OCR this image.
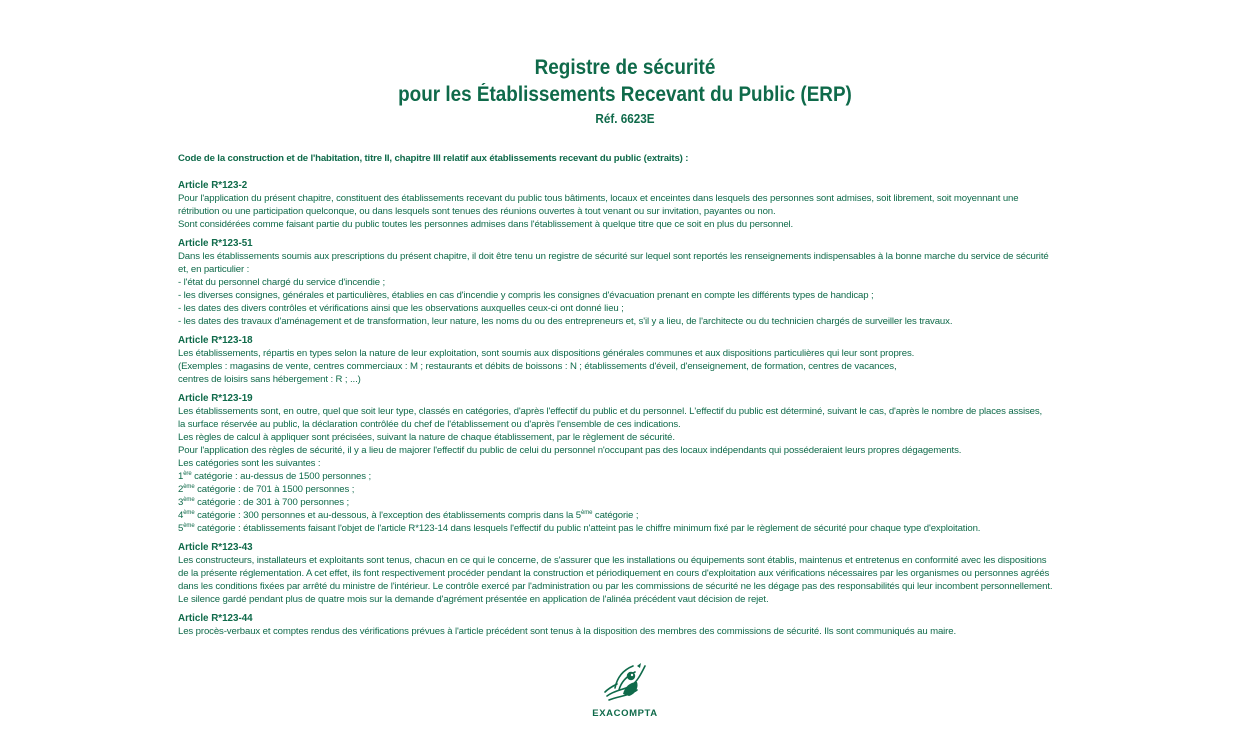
Registre de sécurité
pour les Établissements Recevant du Public (ERP)
Réf. 6623E
Code de la construction et de l'habitation, titre II, chapitre III relatif aux établissements recevant du public (extraits) :
Article R*123-2
Pour l'application du présent chapitre, constituent des établissements recevant du public tous bâtiments, locaux et enceintes dans lesquels des personnes sont admises, soit librement, soit moyennant une
rétribution ou une participation quelconque, ou dans lesquels sont tenues des réunions ouvertes à tout venant ou sur invitation, payantes ou non.
Sont considérées comme faisant partie du public toutes les personnes admises dans l'établissement à quelque titre que ce soit en plus du personnel.
Article R*123-51
Dans les établissements soumis aux prescriptions du présent chapitre, il doit être tenu un registre de sécurité sur lequel sont reportés les renseignements indispensables à la bonne marche du service de sécurité
et, en particulier :
- l'état du personnel chargé du service d'incendie ;
- les diverses consignes, générales et particulières, établies en cas d'incendie y compris les consignes d'évacuation prenant en compte les différents types de handicap ;
- les dates des divers contrôles et vérifications ainsi que les observations auxquelles ceux-ci ont donné lieu ;
- les dates des travaux d'aménagement et de transformation, leur nature, les noms du ou des entrepreneurs et, s'il y a lieu, de l'architecte ou du technicien chargés de surveiller les travaux.
Article R*123-18
Les établissements, répartis en types selon la nature de leur exploitation, sont soumis aux dispositions générales communes et aux dispositions particulières qui leur sont propres.
(Exemples : magasins de vente, centres commerciaux : M ; restaurants et débits de boissons : N ; établissements d'éveil, d'enseignement, de formation, centres de vacances,
centres de loisirs sans hébergement : R ; ...)
Article R*123-19
Les établissements sont, en outre, quel que soit leur type, classés en catégories, d'après l'effectif du public et du personnel. L'effectif du public est déterminé, suivant le cas, d'après le nombre de places assises,
la surface réservée au public, la déclaration contrôlée du chef de l'établissement ou d'après l'ensemble de ces indications.
Les règles de calcul à appliquer sont précisées, suivant la nature de chaque établissement, par le règlement de sécurité.
Pour l'application des règles de sécurité, il y a lieu de majorer l'effectif du public de celui du personnel n'occupant pas des locaux indépendants qui posséderaient leurs propres dégagements.
Les catégories sont les suivantes :
1ère catégorie : au-dessus de 1500 personnes ;
2ème catégorie : de 701 à 1500 personnes ;
3ème catégorie : de 301 à 700 personnes ;
4ème catégorie : 300 personnes et au-dessous, à l'exception des établissements compris dans la 5ème catégorie ;
5ème catégorie : établissements faisant l'objet de l'article R*123-14 dans lesquels l'effectif du public n'atteint pas le chiffre minimum fixé par le règlement de sécurité pour chaque type d'exploitation.
Article R*123-43
Les constructeurs, installateurs et exploitants sont tenus, chacun en ce qui le concerne, de s'assurer que les installations ou équipements sont établis, maintenus et entretenus en conformité avec les dispositions
de la présente réglementation. A cet effet, ils font respectivement procéder pendant la construction et périodiquement en cours d'exploitation aux vérifications nécessaires par les organismes ou personnes agréés
dans les conditions fixées par arrêté du ministre de l'intérieur. Le contrôle exercé par l'administration ou par les commissions de sécurité ne les dégage pas des responsabilités qui leur incombent personnellement.
Le silence gardé pendant plus de quatre mois sur la demande d'agrément présentée en application de l'alinéa précédent vaut décision de rejet.
Article R*123-44
Les procès-verbaux et comptes rendus des vérifications prévues à l'article précédent sont tenus à la disposition des membres des commissions de sécurité. Ils sont communiqués au maire.
EXACOMPTA
